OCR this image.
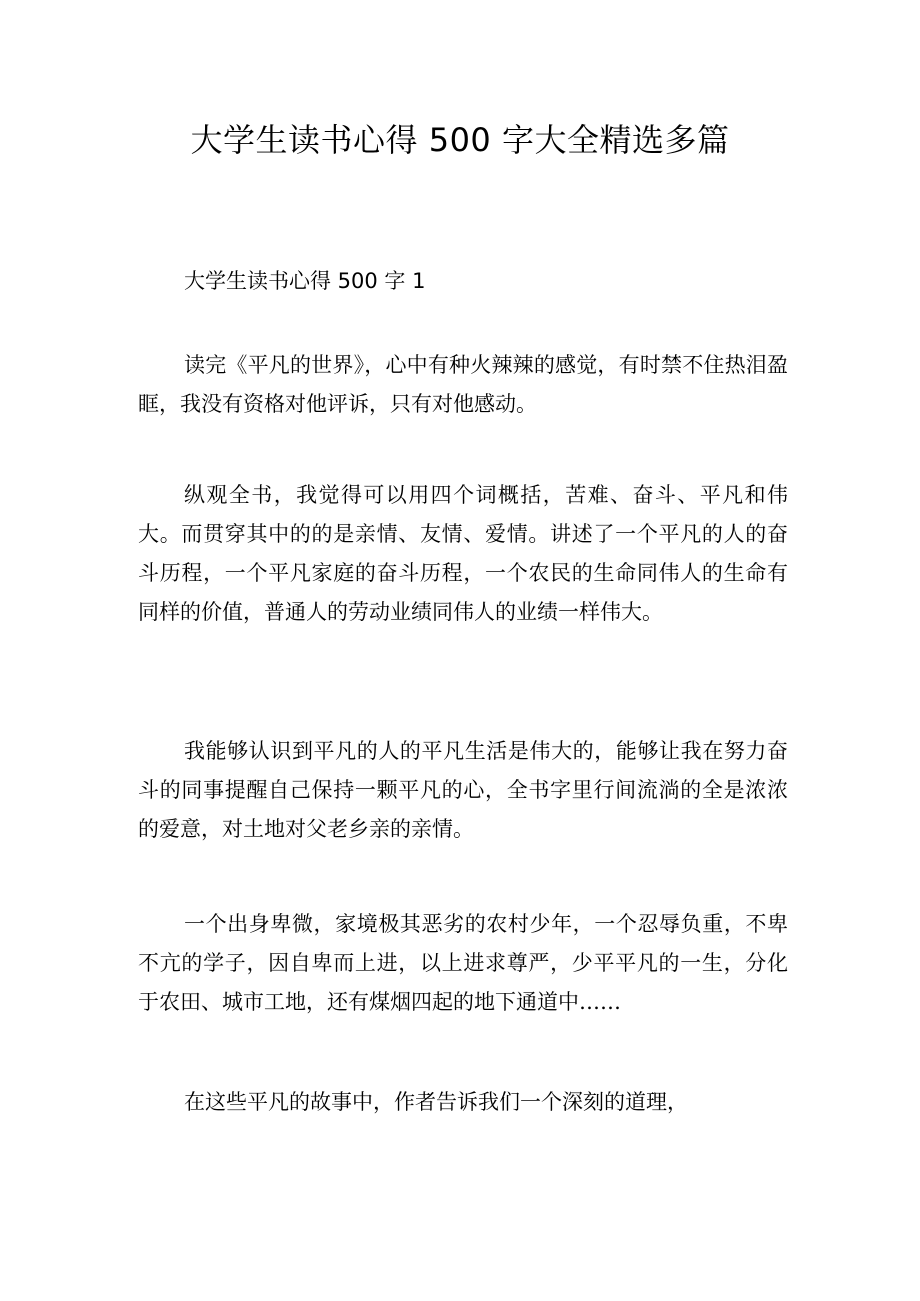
大学生读书心得 500 字大全精选多篇
大学生读书心得 500 字 1

读完《平凡的世界》，心中有种火辣辣的感觉，有时禁不住热泪盈眶，我没有资格对他评诉，只有对他感动。

纵观全书，我觉得可以用四个词概括，苦难、奋斗、平凡和伟大。而贯穿其中的的是亲情、友情、爱情。讲述了一个平凡的人的奋斗历程，一个平凡家庭的奋斗历程，一个农民的生命同伟人的生命有同样的价值，普通人的劳动业绩同伟人的业绩一样伟大。

我能够认识到平凡的人的平凡生活是伟大的，能够让我在努力奋斗的同事提醒自己保持一颗平凡的心，全书字里行间流淌的全是浓浓的爱意，对土地对父老乡亲的亲情。

一个出身卑微，家境极其恶劣的农村少年，一个忍辱负重，不卑不亢的学子，因自卑而上进，以上进求尊严，少平平凡的一生，分化于农田、城市工地，还有煤烟四起的地下通道中……

在这些平凡的故事中，作者告诉我们一个深刻的道理，
